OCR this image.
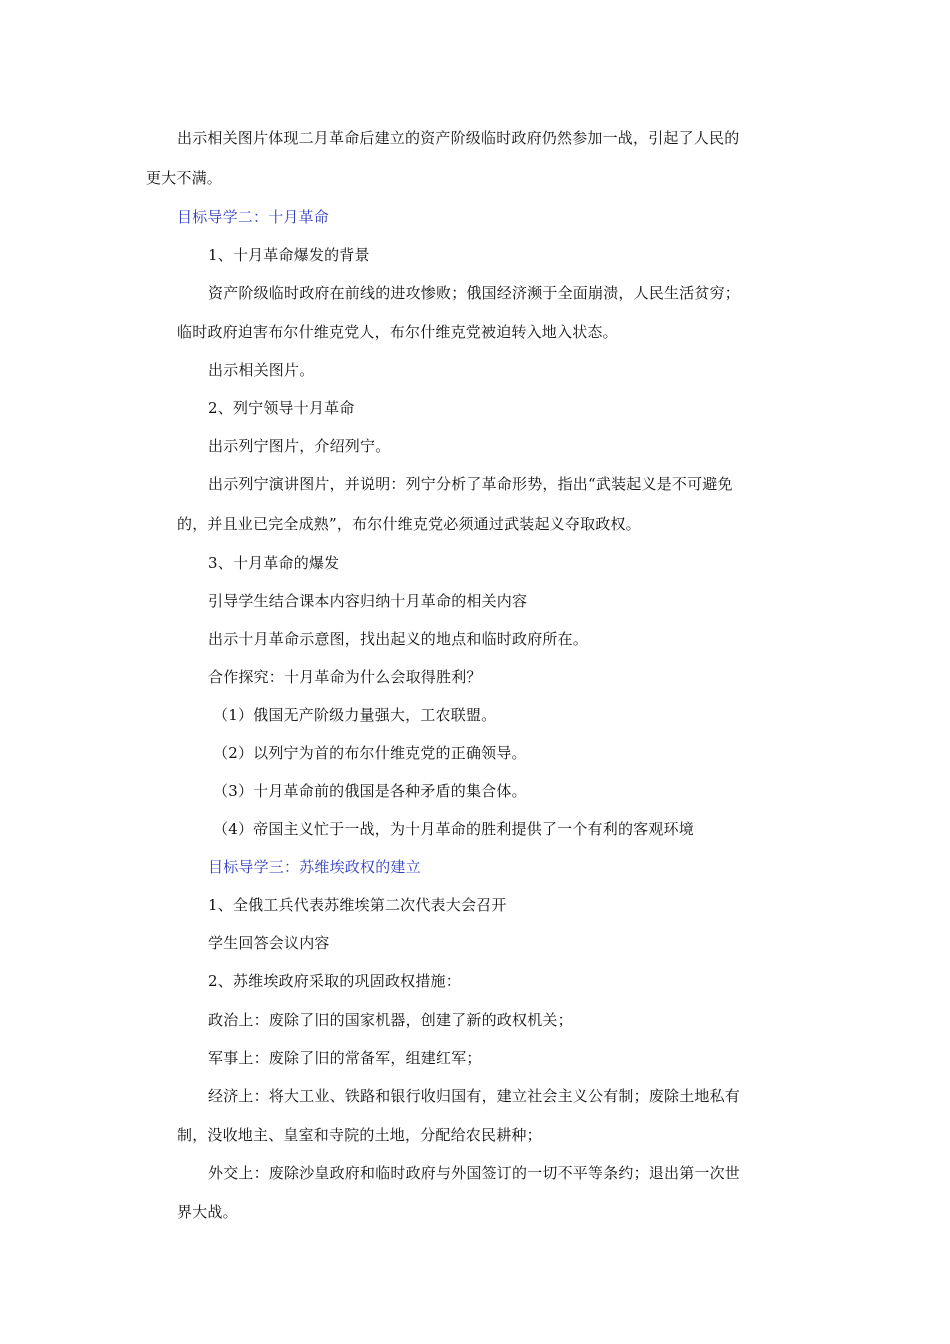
出示相关图片体现二月革命后建立的资产阶级临时政府仍然参加一战，引起了人民的
更大不满。
目标导学二：十月革命
1、十月革命爆发的背景
资产阶级临时政府在前线的进攻惨败；俄国经济濒于全面崩溃，人民生活贫穷；
临时政府迫害布尔什维克党人，布尔什维克党被迫转入地入状态。
出示相关图片。
2、列宁领导十月革命
出示列宁图片，介绍列宁。
出示列宁演讲图片，并说明：列宁分析了革命形势，指出“武装起义是不可避免
的，并且业已完全成熟”，布尔什维克党必须通过武装起义夺取政权。
3、十月革命的爆发
引导学生结合课本内容归纳十月革命的相关内容
出示十月革命示意图，找出起义的地点和临时政府所在。
合作探究：十月革命为什么会取得胜利？
（1）俄国无产阶级力量强大，工农联盟。
（2）以列宁为首的布尔什维克党的正确领导。
（3）十月革命前的俄国是各种矛盾的集合体。
（4）帝国主义忙于一战，为十月革命的胜利提供了一个有利的客观环境
目标导学三：苏维埃政权的建立
1、全俄工兵代表苏维埃第二次代表大会召开
学生回答会议内容
2、苏维埃政府采取的巩固政权措施：
政治上：废除了旧的国家机器，创建了新的政权机关；
军事上：废除了旧的常备军，组建红军；
经济上：将大工业、铁路和银行收归国有，建立社会主义公有制；废除土地私有
制，没收地主、皇室和寺院的土地，分配给农民耕种；
外交上：废除沙皇政府和临时政府与外国签订的一切不平等条约；退出第一次世
界大战。
